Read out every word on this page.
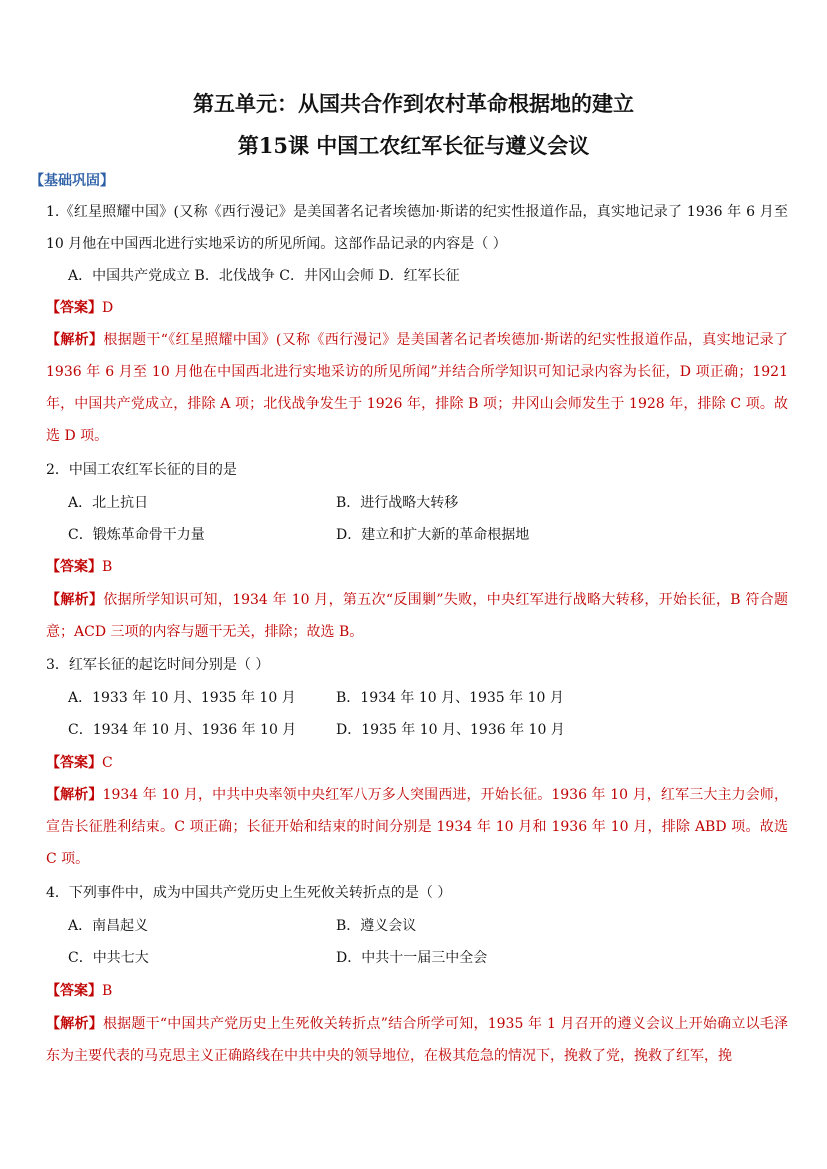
第五单元：从国共合作到农村革命根据地的建立
第15课 中国工农红军长征与遵义会议
【基础巩固】

1.《红星照耀中国》(又称《西行漫记》是美国著名记者埃德加·斯诺的纪实性报道作品，真实地记录了 1936 年 6 月至 10 月他在中国西北进行实地采访的所见所闻。这部作品记录的内容是（ ）

A．中国共产党成立 B．北伐战争 C．井冈山会师 D．红军长征
【答案】D

【解析】根据题干“《红星照耀中国》(又称《西行漫记》是美国著名记者埃德加·斯诺的纪实性报道作品，真实地记录了 1936 年 6 月至 10 月他在中国西北进行实地采访的所见所闻”并结合所学知识可知记录内容为长征，D 项正确；1921 年，中国共产党成立，排除 A 项；北伐战争发生于 1926 年，排除 B 项；井冈山会师发生于 1928 年，排除 C 项。故选 D 项。

2．中国工农红军长征的目的是

A．北上抗日	B．进行战略大转移
C．锻炼革命骨干力量	D．建立和扩大新的革命根据地
【答案】B

【解析】依据所学知识可知，1934 年 10 月，第五次“反围剿”失败，中央红军进行战略大转移，开始长征，B 符合题意；ACD 三项的内容与题干无关，排除；故选 B。

3．红军长征的起讫时间分别是（ ）

A．1933 年 10 月、1935 年 10 月	B．1934 年 10 月、1935 年 10 月
C．1934 年 10 月、1936 年 10 月	D．1935 年 10 月、1936 年 10 月
【答案】C

【解析】1934 年 10 月，中共中央率领中央红军八万多人突围西进，开始长征。1936 年 10 月，红军三大主力会师，宣告长征胜利结束。C 项正确；长征开始和结束的时间分别是 1934 年 10 月和 1936 年 10 月，排除 ABD 项。故选 C 项。

4．下列事件中，成为中国共产党历史上生死攸关转折点的是（ ）

A．南昌起义	B．遵义会议
C．中共七大	D．中共十一届三中全会
【答案】B

【解析】根据题干“中国共产党历史上生死攸关转折点”结合所学可知，1935 年 1 月召开的遵义会议上开始确立以毛泽东为主要代表的马克思主义正确路线在中共中央的领导地位，在极其危急的情况下，挽救了党，挽救了红军，挽
